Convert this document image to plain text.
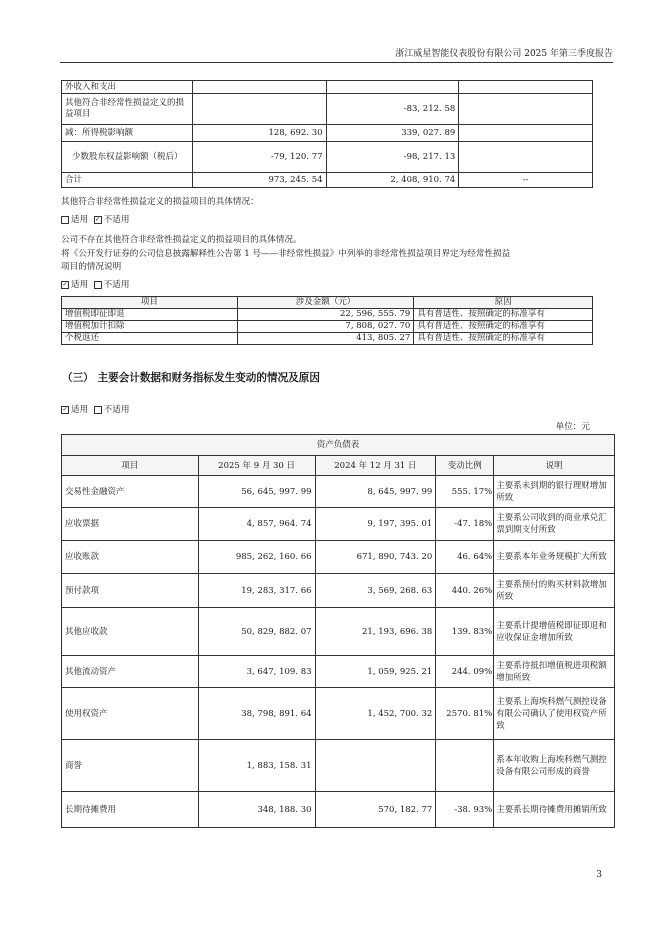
浙江威星智能仪表股份有限公司 2025 年第三季度报告
外收入和支出			
其他符合非经常性损益定义的损益项目		-83, 212. 58	
减：所得税影响额	128, 692. 30	339, 027. 89	
少数股东权益影响额（税后）	-79, 120. 77	-98, 217. 13	
合计	973, 245. 54	2, 408, 910. 74	--
其他符合非经常性损益定义的损益项目的具体情况：
适用 ✓ 不适用
公司不存在其他符合非经常性损益定义的损益项目的具体情况。
将《公开发行证券的公司信息披露解释性公告第 1 号——非经常性损益》中列举的非经常性损益项目界定为经常性损益
项目的情况说明
✓ 适用 不适用
项目	涉及金额（元）	原因
增值税即征即退	22, 596, 555. 79	具有普适性、按照确定的标准享有
增值税加计扣除	7, 808, 027. 70	具有普适性、按照确定的标准享有
个税返还	413, 805. 27	具有普适性、按照确定的标准享有
（三） 主要会计数据和财务指标发生变动的情况及原因
✓ 适用 不适用
单位：元
资产负债表				
项目	2025 年 9 月 30 日	2024 年 12 月 31 日	变动比例	说明
交易性金融资产	56, 645, 997. 99	8, 645, 997. 99	555. 17%	主要系未到期的银行理财增加所致
应收票据	4, 857, 964. 74	9, 197, 395. 01	-47. 18%	主要系公司收到的商业承兑汇票到期支付所致
应收账款	985, 262, 160. 66	671, 890, 743. 20	46. 64%	主要系本年业务规模扩大所致
预付款项	19, 283, 317. 66	3, 569, 268. 63	440. 26%	主要系预付的购买材料款增加所致
其他应收款	50, 829, 882. 07	21, 193, 696. 38	139. 83%	主要系计提增值税即征即退和应收保证金增加所致
其他流动资产	3, 647, 109. 83	1, 059, 925. 21	244. 09%	主要系待抵扣增值税进项税额增加所致
使用权资产	38, 798, 891. 64	1, 452, 700. 32	2570. 81%	主要系上海埃科燃气测控设备有限公司确认了使用权资产所致
商誉	1, 883, 158. 31			系本年收购上海埃科燃气测控设备有限公司形成的商誉
长期待摊费用	348, 188. 30	570, 182. 77	-38. 93%	主要系长期待摊费用摊销所致
3
